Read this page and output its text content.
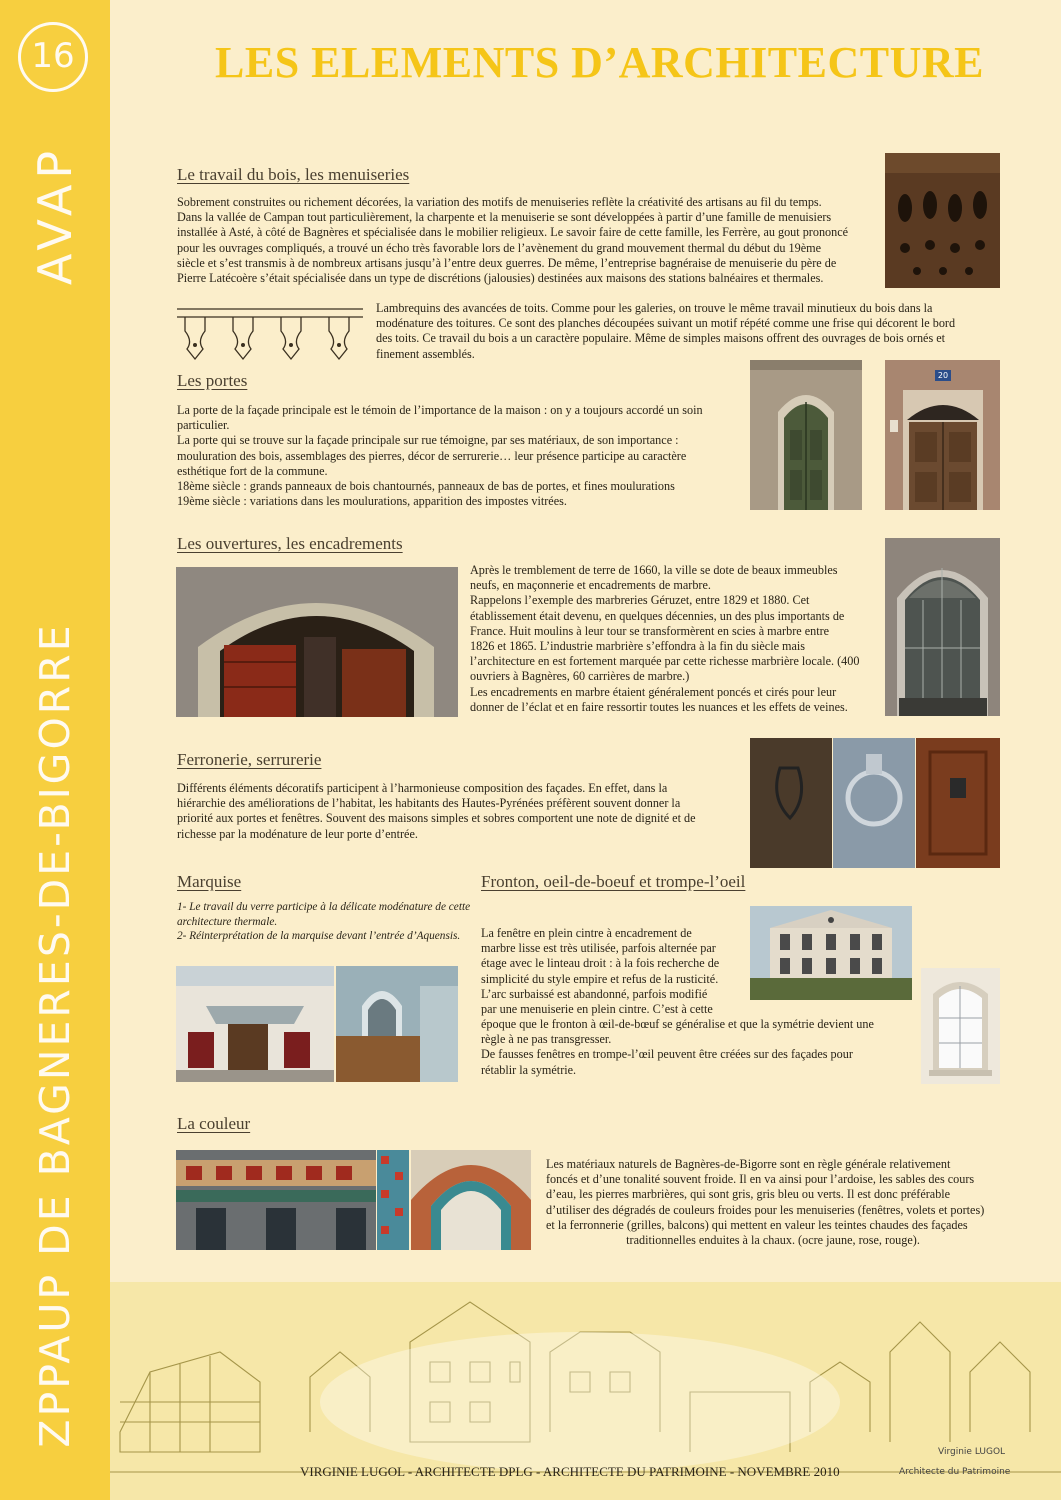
16
AVAP
ZPPAUP DE BAGNERES-DE-BIGORRE
LES ELEMENTS D’ARCHITECTURE
Le travail du bois, les menuiseries
Sobrement construites ou richement décorées, la variation des motifs de menuiseries reflète la créativité des artisans au fil du temps.
Dans la vallée de Campan tout particulièrement, la charpente et la menuiserie se sont développées à partir d’une famille de menuisiers
installée à Asté, à côté de Bagnères et spécialisée dans le mobilier religieux. Le savoir faire de cette famille, les Ferrère, au gout prononcé
pour les ouvrages compliqués, a trouvé un écho très favorable lors de l’avènement du grand mouvement thermal du début du 19ème
siècle et s’est transmis à de nombreux artisans jusqu’à l’entre deux guerres. De même, l’entreprise bagnéraise de menuiserie du père de
Pierre Latécoère s’était spécialisée dans un type de discrétions (jalousies) destinées aux maisons des stations balnéaires et thermales.
Lambrequins des avancées de toits. Comme pour les galeries, on trouve le même travail minutieux du bois dans la
modénature des toitures. Ce sont des planches découpées suivant un motif répété comme une frise qui décorent le bord
des toits. Ce travail du bois a un caractère populaire. Même de simples maisons offrent des ouvrages de bois ornés et
finement assemblés.
Les portes
La porte de la façade principale est le témoin de l’importance de la maison : on y a toujours accordé un soin
particulier.
La porte qui se trouve sur la façade principale sur rue témoigne, par ses matériaux, de son importance :
mouluration des bois, assemblages des pierres, décor de serrurerie… leur présence participe au caractère
esthétique fort de la commune.
18ème siècle : grands panneaux de bois chantournés, panneaux de bas de portes, et fines moulurations
19ème siècle : variations dans les moulurations, apparition des impostes vitrées.
20
Les ouvertures, les encadrements
Après le tremblement de terre de 1660, la ville se dote de beaux immeubles
neufs, en maçonnerie et encadrements de marbre.
Rappelons l’exemple des marbreries Géruzet, entre 1829 et 1880. Cet
établissement était devenu, en quelques décennies, un des plus importants de
France. Huit moulins à leur tour se transformèrent en scies à marbre entre
1826 et 1865. L’industrie marbrière s’effondra à la fin du siècle mais
l’architecture en est fortement marquée par cette richesse marbrière locale. (400
ouvriers à Bagnères, 60 carrières de marbre.)
Les encadrements en marbre étaient généralement poncés et cirés pour leur
donner de l’éclat et en faire ressortir toutes les nuances et les effets de veines.
Ferronerie, serrurerie
Différents éléments décoratifs participent à l’harmonieuse composition des façades. En effet, dans la
hiérarchie des améliorations de l’habitat, les habitants des Hautes-Pyrénées préfèrent souvent donner la
priorité aux portes et fenêtres. Souvent des maisons simples et sobres comportent une note de dignité et de
richesse par la modénature de leur porte d’entrée.
Marquise
1- Le travail du verre participe à la délicate modénature de cette
architecture thermale.
2- Réinterprétation de la marquise devant l’entrée d’Aquensis.
Fronton, oeil-de-boeuf et trompe-l’oeil
La fenêtre en plein cintre à encadrement de
marbre lisse est très utilisée, parfois alternée par
étage avec le linteau droit : à la fois recherche de
simplicité du style empire et refus de la rusticité.
L’arc surbaissé est abandonné, parfois modifié
par une menuiserie en plein cintre. C’est à cette
époque que le fronton à œil-de-bœuf se généralise et que la symétrie devient une
règle à ne pas transgresser.
De fausses fenêtres en trompe-l’œil peuvent être créées sur des façades pour
rétablir la symétrie.
La couleur
Les matériaux naturels de Bagnères-de-Bigorre sont en règle générale relativement
foncés et d’une tonalité souvent froide. Il en va ainsi pour l’ardoise, les sables des cours
d’eau, les pierres marbrières, qui sont gris, gris bleu ou verts. Il est donc préférable
d’utiliser des dégradés de couleurs froides pour les menuiseries (fenêtres, volets et portes)
et la ferronnerie (grilles, balcons) qui mettent en valeur les teintes chaudes des façades
traditionnelles enduites à la chaux. (ocre jaune, rose, rouge).
VIRGINIE LUGOL - ARCHITECTE DPLG - ARCHITECTE DU PATRIMOINE - NOVEMBRE 2010
Virginie LUGOL
Architecte du Patrimoine
